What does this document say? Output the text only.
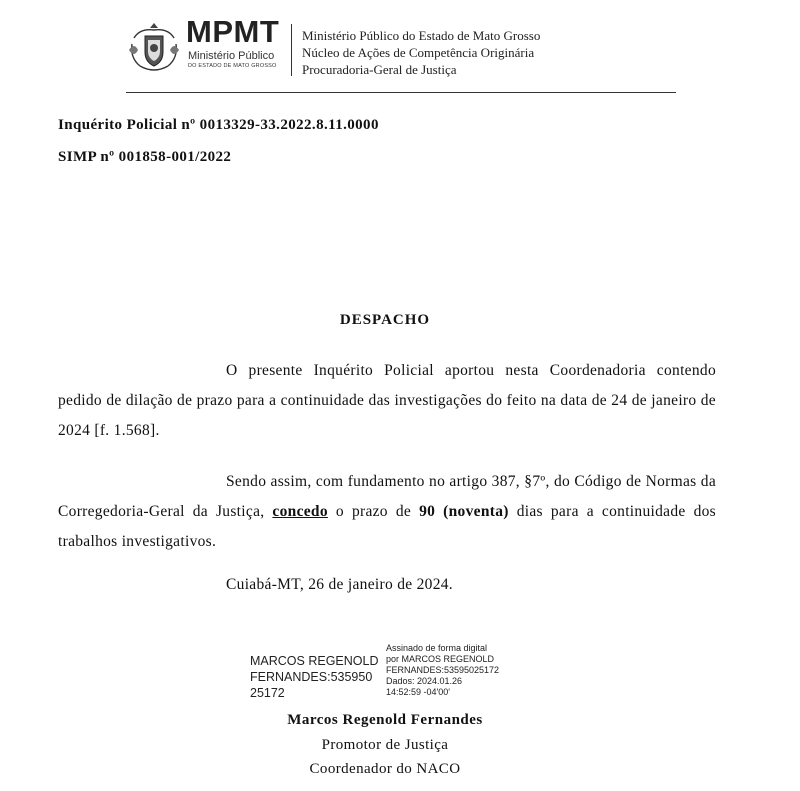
MPMT
Ministério Público
DO ESTADO DE MATO GROSSO
Ministério Público do Estado de Mato Grosso
Núcleo de Ações de Competência Originária
Procuradoria-Geral de Justiça
Inquérito Policial nº 0013329-33.2022.8.11.0000
SIMP nº 001858-001/2022
DESPACHO
O presente Inquérito Policial aportou nesta Coordenadoria contendo pedido de dilação de prazo para a continuidade das investigações do feito na data de 24 de janeiro de 2024 [f. 1.568].
Sendo assim, com fundamento no artigo 387, §7º, do Código de Normas da Corregedoria-Geral da Justiça, concedo o prazo de 90 (noventa) dias para a continuidade dos trabalhos investigativos.
Cuiabá-MT, 26 de janeiro de 2024.
MARCOS REGENOLD
FERNANDES:535950
25172
Assinado de forma digital
por MARCOS REGENOLD
FERNANDES:53595025172
Dados: 2024.01.26
14:52:59 -04'00'
Marcos Regenold Fernandes
Promotor de Justiça
Coordenador do NACO
